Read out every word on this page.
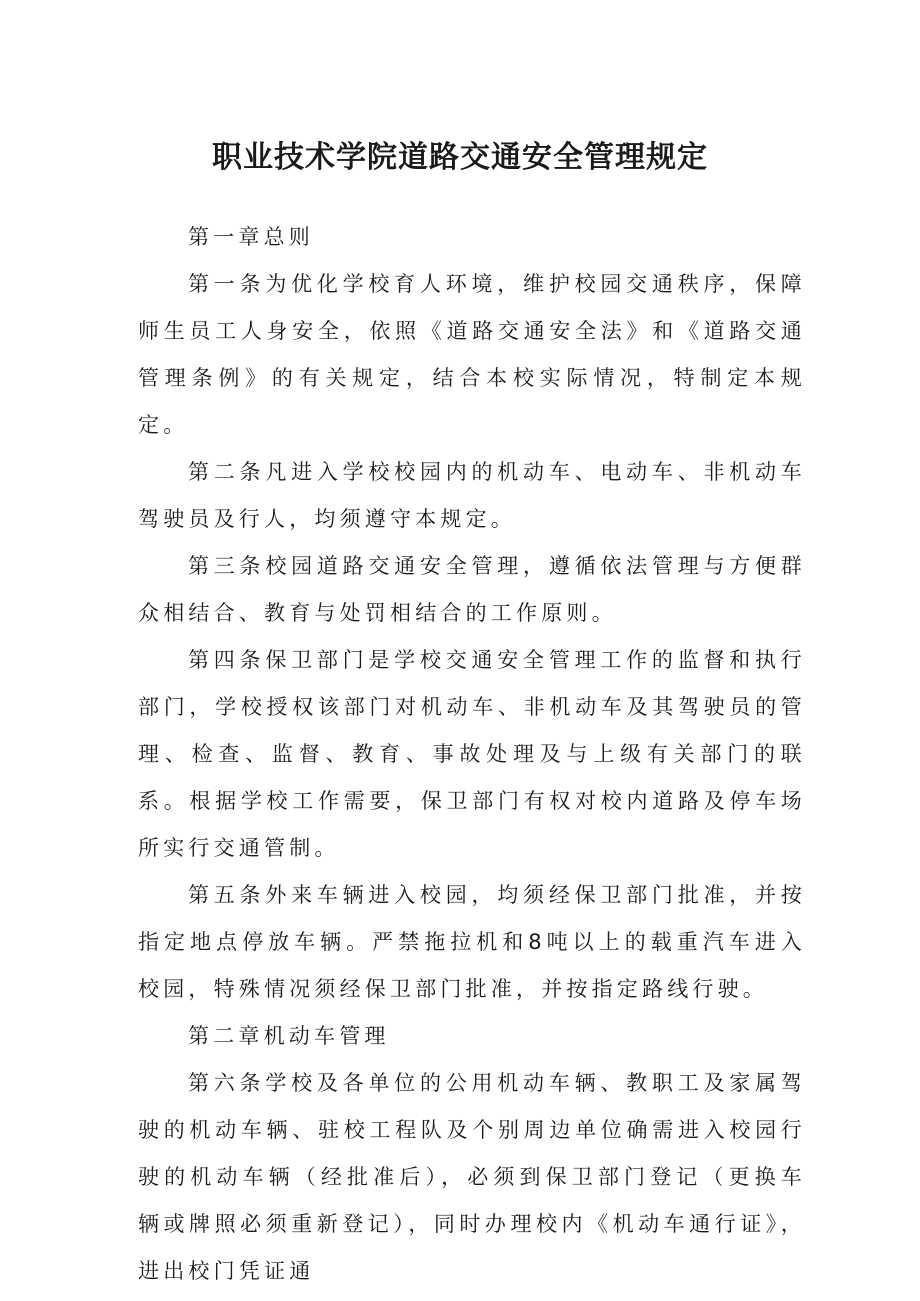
职业技术学院道路交通安全管理规定

第一章总则

第一条为优化学校育人环境，维护校园交通秩序，保障师生员工人身安全，依照《道路交通安全法》和《道路交通管理条例》的有关规定，结合本校实际情况，特制定本规定。

第二条凡进入学校校园内的机动车、电动车、非机动车驾驶员及行人，均须遵守本规定。

第三条校园道路交通安全管理，遵循依法管理与方便群众相结合、教育与处罚相结合的工作原则。

第四条保卫部门是学校交通安全管理工作的监督和执行部门，学校授权该部门对机动车、非机动车及其驾驶员的管理、检查、监督、教育、事故处理及与上级有关部门的联系。根据学校工作需要，保卫部门有权对校内道路及停车场所实行交通管制。

第五条外来车辆进入校园，均须经保卫部门批准，并按指定地点停放车辆。严禁拖拉机和8吨以上的载重汽车进入校园，特殊情况须经保卫部门批准，并按指定路线行驶。

第二章机动车管理

第六条学校及各单位的公用机动车辆、教职工及家属驾驶的机动车辆、驻校工程队及个别周边单位确需进入校园行驶的机动车辆（经批准后），必须到保卫部门登记（更换车辆或牌照必须重新登记），同时办理校内《机动车通行证》，进出校门凭证通
